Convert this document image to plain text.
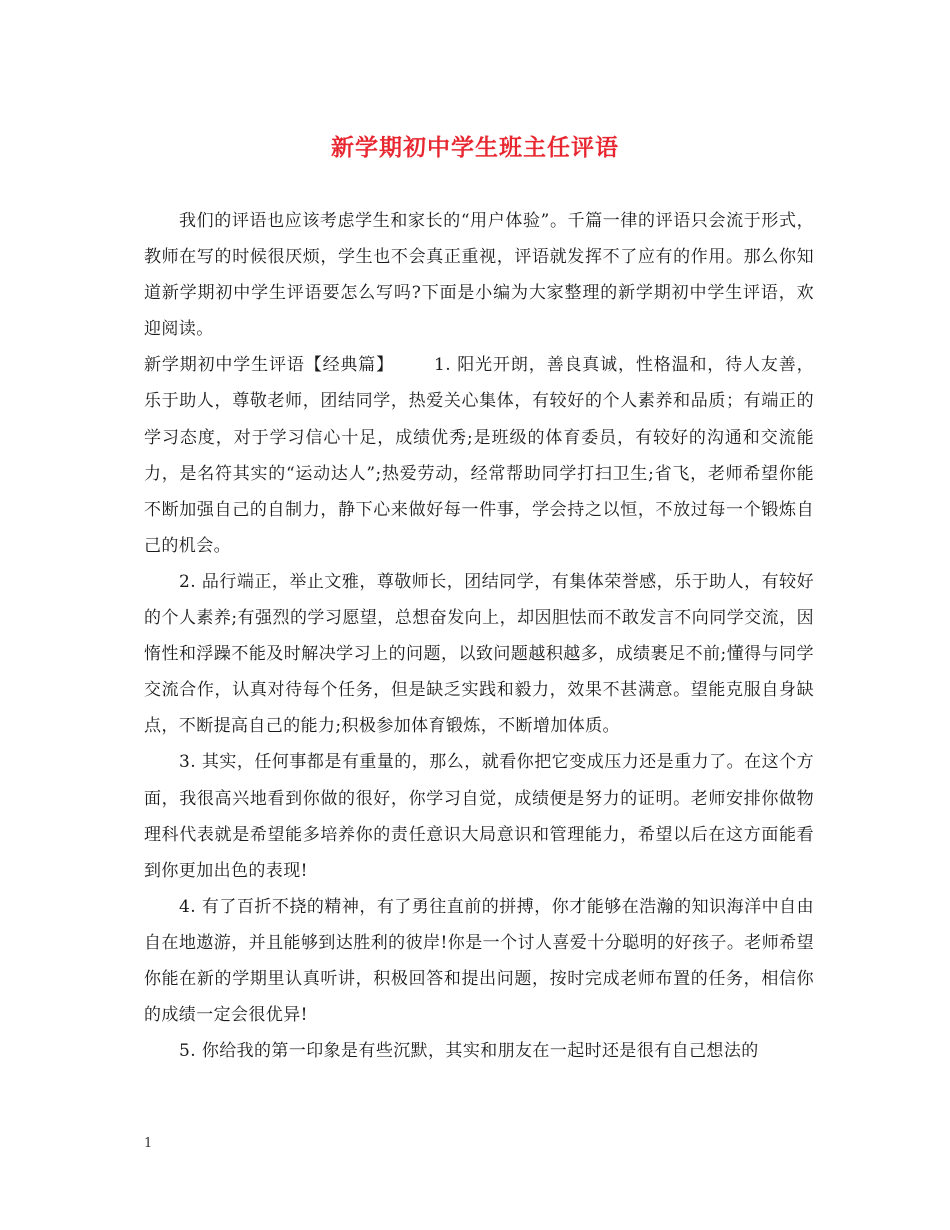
新学期初中学生班主任评语

我们的评语也应该考虑学生和家长的“用户体验”。千篇一律的评语只会流于形式，教师在写的时候很厌烦，学生也不会真正重视，评语就发挥不了应有的作用。那么你知道新学期初中学生评语要怎么写吗?下面是小编为大家整理的新学期初中学生评语，欢迎阅读。

新学期初中学生评语【经典篇】 1. 阳光开朗，善良真诚，性格温和，待人友善，乐于助人，尊敬老师，团结同学，热爱关心集体，有较好的个人素养和品质；有端正的学习态度，对于学习信心十足，成绩优秀;是班级的体育委员，有较好的沟通和交流能力，是名符其实的“运动达人”;热爱劳动，经常帮助同学打扫卫生;省飞，老师希望你能不断加强自己的自制力，静下心来做好每一件事，学会持之以恒，不放过每一个锻炼自己的机会。

2. 品行端正，举止文雅，尊敬师长，团结同学，有集体荣誉感，乐于助人，有较好的个人素养;有强烈的学习愿望，总想奋发向上，却因胆怯而不敢发言不向同学交流，因惰性和浮躁不能及时解决学习上的问题，以致问题越积越多，成绩裹足不前;懂得与同学交流合作，认真对待每个任务，但是缺乏实践和毅力，效果不甚满意。望能克服自身缺点，不断提高自己的能力;积极参加体育锻炼，不断增加体质。

3. 其实，任何事都是有重量的，那么，就看你把它变成压力还是重力了。在这个方面，我很高兴地看到你做的很好，你学习自觉，成绩便是努力的证明。老师安排你做物理科代表就是希望能多培养你的责任意识大局意识和管理能力，希望以后在这方面能看到你更加出色的表现!

4. 有了百折不挠的精神，有了勇往直前的拼搏，你才能够在浩瀚的知识海洋中自由自在地遨游，并且能够到达胜利的彼岸!你是一个讨人喜爱十分聪明的好孩子。老师希望你能在新的学期里认真听讲，积极回答和提出问题，按时完成老师布置的任务，相信你的成绩一定会很优异!

5. 你给我的第一印象是有些沉默，其实和朋友在一起时还是很有自己想法的

1
